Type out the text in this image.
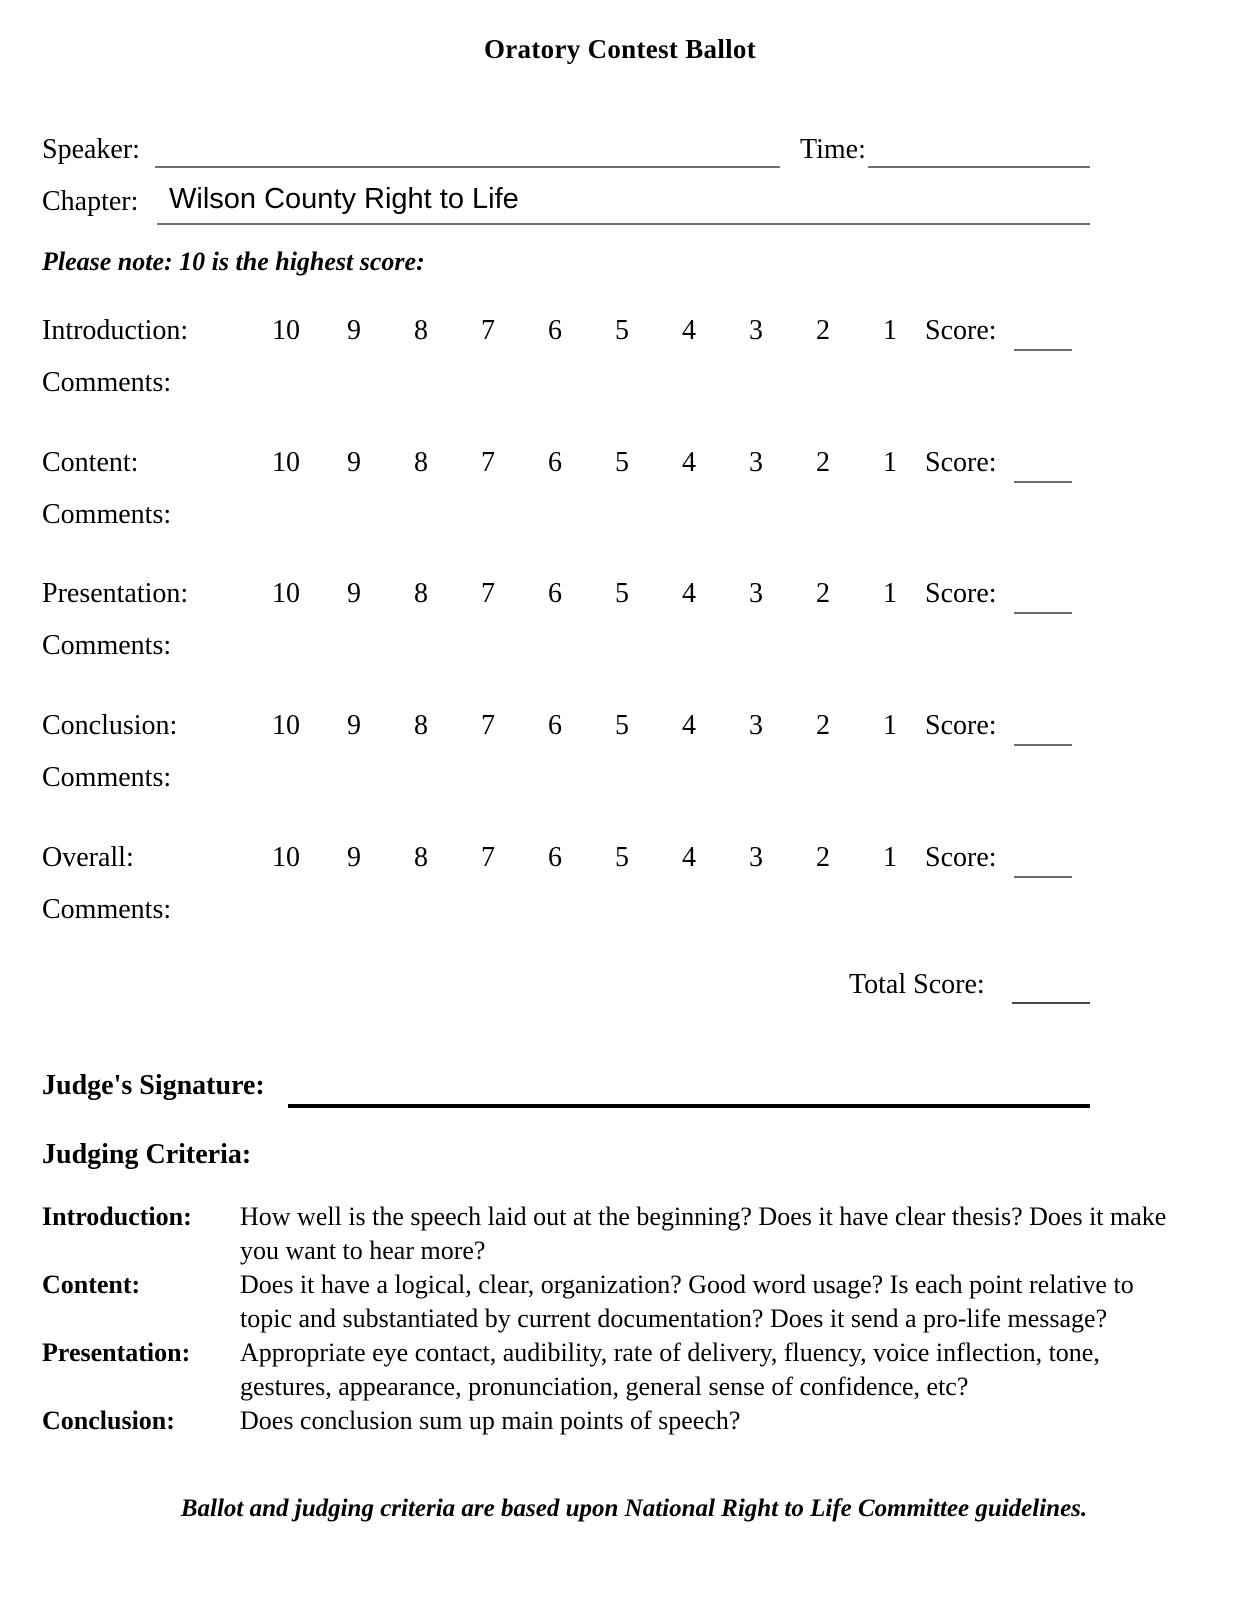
Oratory Contest Ballot
Speaker:	Time:
Chapter: Wilson County Right to Life
Please note: 10 is the highest score:
Introduction:	10	9	8	7	6	5	4	3	2	1	Score:
Comments:
Content:	10	9	8	7	6	5	4	3	2	1	Score:
Comments:
Presentation:	10	9	8	7	6	5	4	3	2	1	Score:
Comments:
Conclusion:	10	9	8	7	6	5	4	3	2	1	Score:
Comments:
Overall:	10	9	8	7	6	5	4	3	2	1	Score:
Comments:
Total Score:
Judge's Signature:
Judging Criteria:
Introduction:	How well is the speech laid out at the beginning? Does it have clear thesis? Does it make you want to hear more?
Content:	Does it have a logical, clear, organization? Good word usage? Is each point relative to topic and substantiated by current documentation? Does it send a pro-life message?
Presentation:	Appropriate eye contact, audibility, rate of delivery, fluency, voice inflection, tone, gestures, appearance, pronunciation, general sense of confidence, etc?
Conclusion:	Does conclusion sum up main points of speech?
Ballot and judging criteria are based upon National Right to Life Committee guidelines.
